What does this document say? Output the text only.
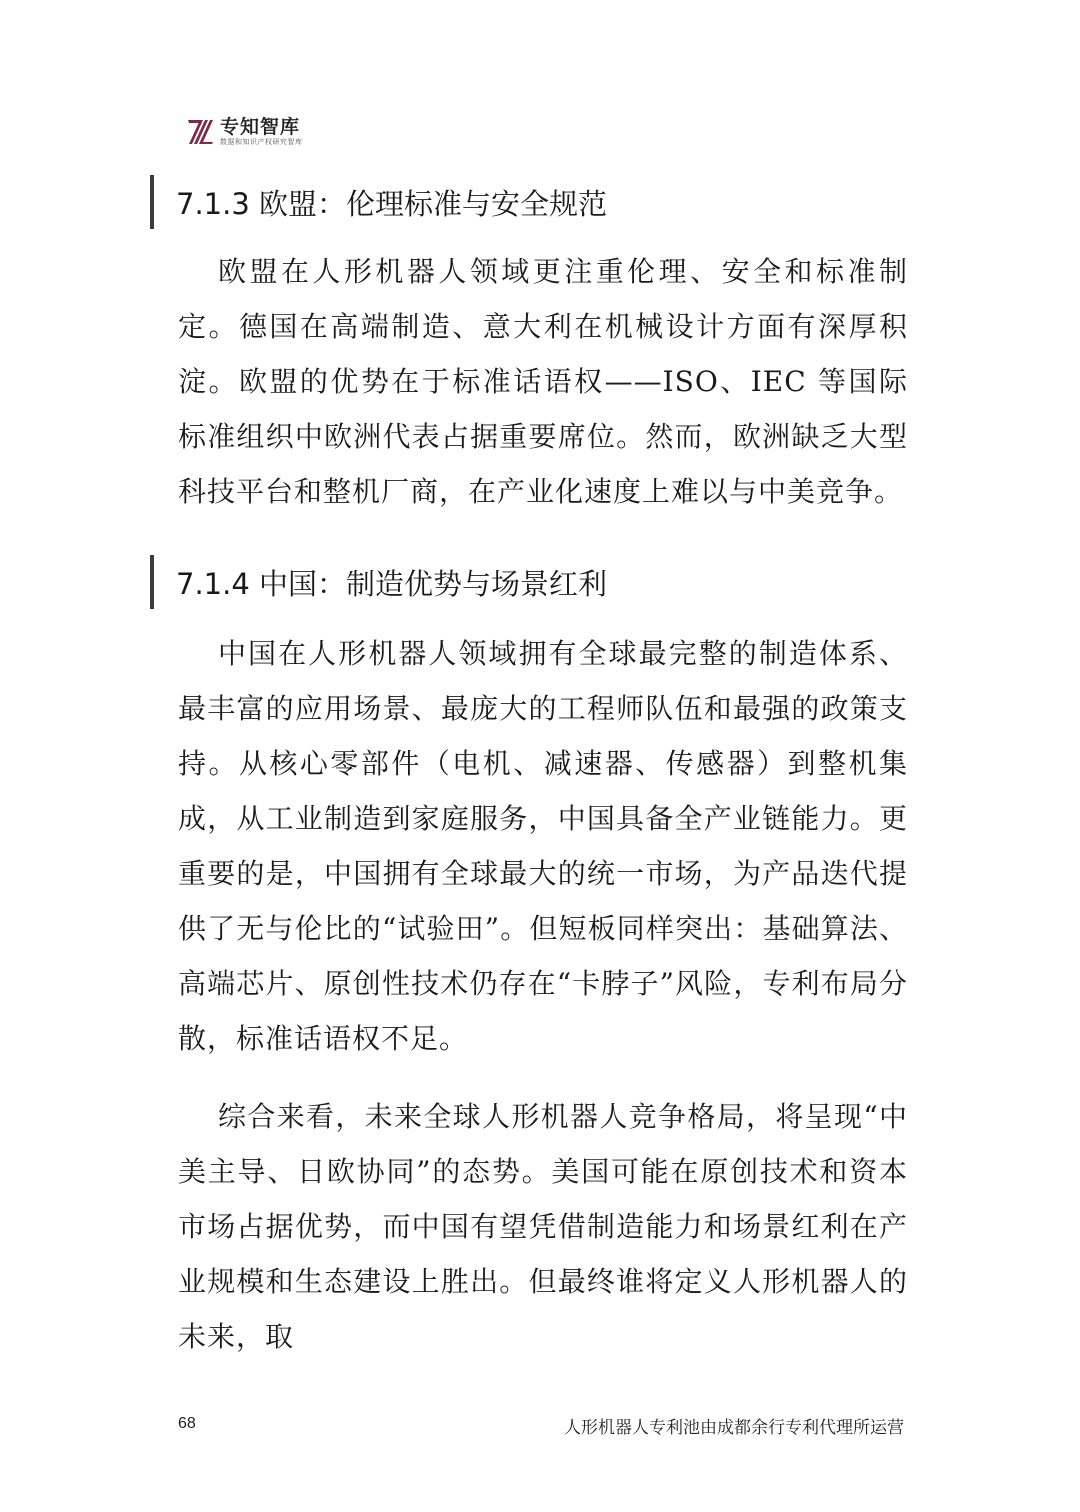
专知智库
数据和知识产权研究智库
7.1.3 欧盟：伦理标准与安全规范

欧盟在人形机器人领域更注重伦理、安全和标准制定。德国在高端制造、意大利在机械设计方面有深厚积淀。欧盟的优势在于标准话语权——ISO、IEC 等国际标准组织中欧洲代表占据重要席位。然而，欧洲缺乏大型科技平台和整机厂商，在产业化速度上难以与中美竞争。

7.1.4 中国：制造优势与场景红利

中国在人形机器人领域拥有全球最完整的制造体系、最丰富的应用场景、最庞大的工程师队伍和最强的政策支持。从核心零部件（电机、减速器、传感器）到整机集成，从工业制造到家庭服务，中国具备全产业链能力。更重要的是，中国拥有全球最大的统一市场，为产品迭代提供了无与伦比的“试验田”。但短板同样突出：基础算法、高端芯片、原创性技术仍存在“卡脖子”风险，专利布局分散，标准话语权不足。

综合来看，未来全球人形机器人竞争格局，将呈现“中美主导、日欧协同”的态势。美国可能在原创技术和资本市场占据优势，而中国有望凭借制造能力和场景红利在产业规模和生态建设上胜出。但最终谁将定义人形机器人的未来，取

68	人形机器人专利池由成都余行专利代理所运营
